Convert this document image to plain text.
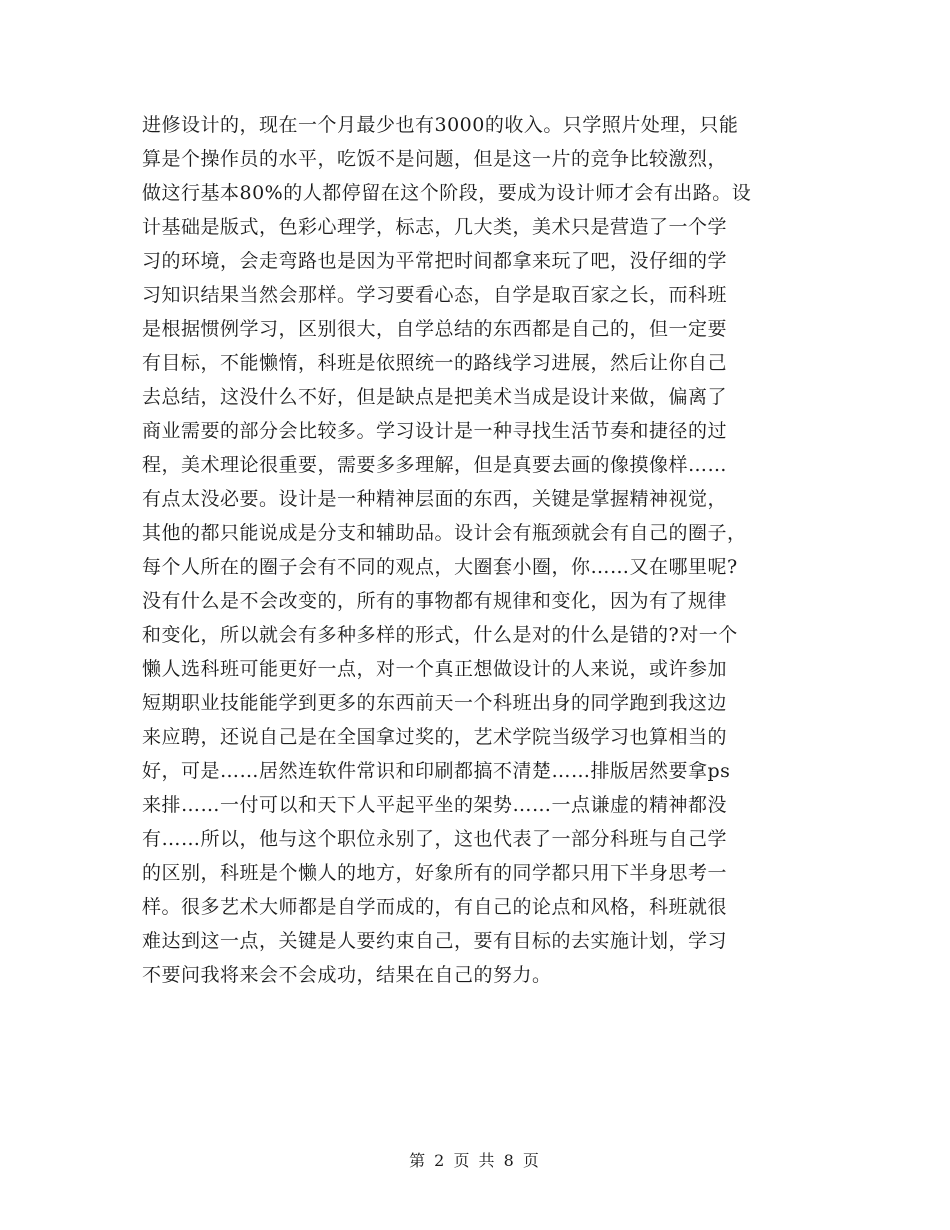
进修设计的，现在一个月最少也有3000的收入。只学照片处理，只能
算是个操作员的水平，吃饭不是问题，但是这一片的竞争比较激烈，
做这行基本80%的人都停留在这个阶段，要成为设计师才会有出路。设
计基础是版式，色彩心理学，标志，几大类，美术只是营造了一个学
习的环境，会走弯路也是因为平常把时间都拿来玩了吧，没仔细的学
习知识结果当然会那样。学习要看心态，自学是取百家之长，而科班
是根据惯例学习，区别很大，自学总结的东西都是自己的，但一定要
有目标，不能懒惰，科班是依照统一的路线学习进展，然后让你自己
去总结，这没什么不好，但是缺点是把美术当成是设计来做，偏离了
商业需要的部分会比较多。学习设计是一种寻找生活节奏和捷径的过
程，美术理论很重要，需要多多理解，但是真要去画的像摸像样……
有点太没必要。设计是一种精神层面的东西，关键是掌握精神视觉，
其他的都只能说成是分支和辅助品。设计会有瓶颈就会有自己的圈子，
每个人所在的圈子会有不同的观点，大圈套小圈，你……又在哪里呢?
没有什么是不会改变的，所有的事物都有规律和变化，因为有了规律
和变化，所以就会有多种多样的形式，什么是对的什么是错的?对一个
懒人选科班可能更好一点，对一个真正想做设计的人来说，或许参加
短期职业技能能学到更多的东西前天一个科班出身的同学跑到我这边
来应聘，还说自己是在全国拿过奖的，艺术学院当级学习也算相当的
好，可是……居然连软件常识和印刷都搞不清楚……排版居然要拿ps
来排……一付可以和天下人平起平坐的架势……一点谦虚的精神都没
有……所以，他与这个职位永别了，这也代表了一部分科班与自己学
的区别，科班是个懒人的地方，好象所有的同学都只用下半身思考一
样。很多艺术大师都是自学而成的，有自己的论点和风格，科班就很
难达到这一点，关键是人要约束自己，要有目标的去实施计划，学习
不要问我将来会不会成功，结果在自己的努力。
第 2 页 共 8 页
